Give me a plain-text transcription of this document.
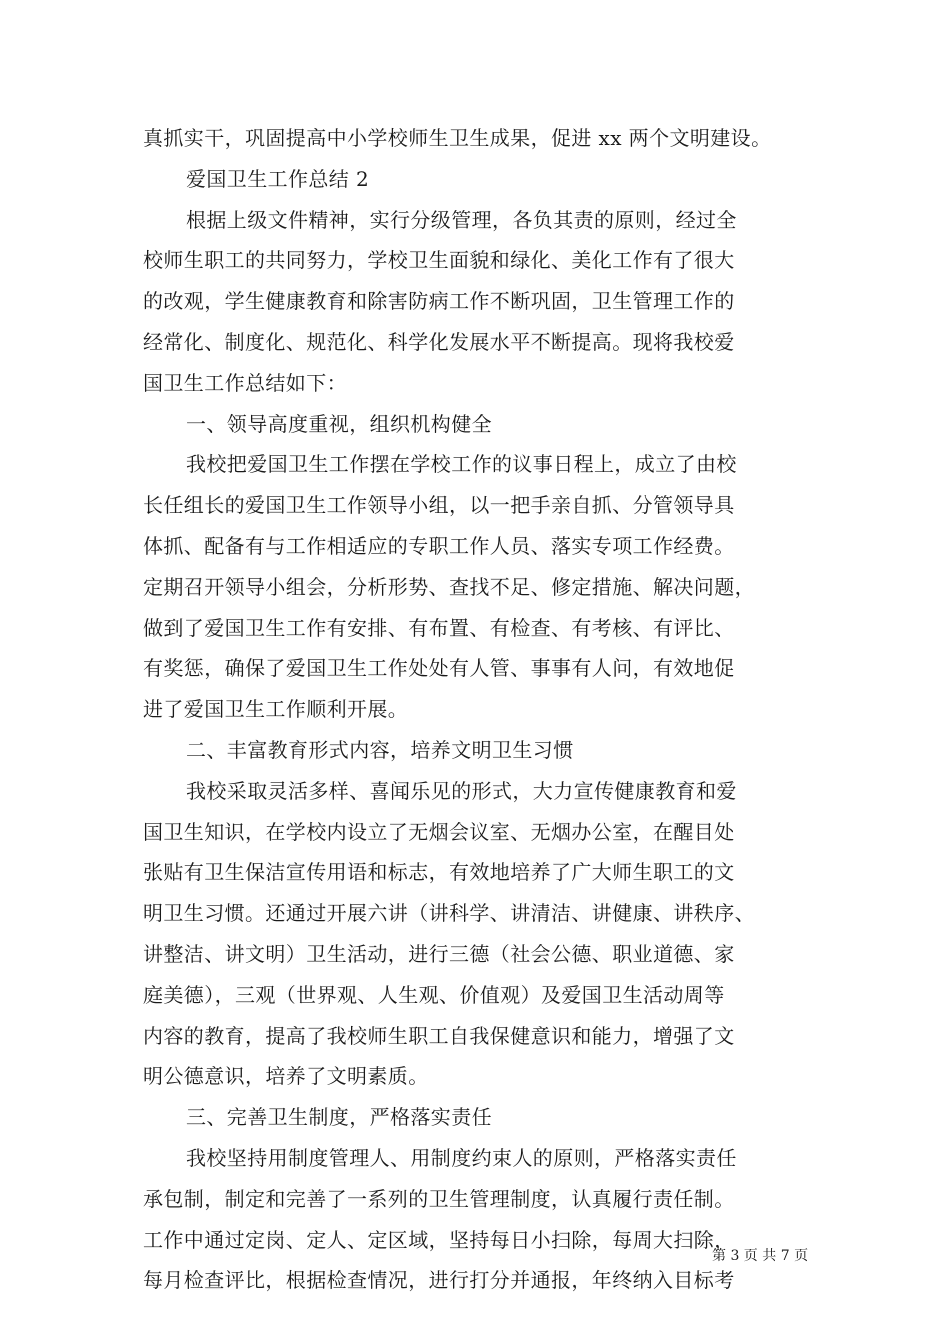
真抓实干，巩固提高中小学校师生卫生成果，促进 xx 两个文明建设。
爱国卫生工作总结 2
根据上级文件精神，实行分级管理，各负其责的原则，经过全
校师生职工的共同努力，学校卫生面貌和绿化、美化工作有了很大
的改观，学生健康教育和除害防病工作不断巩固，卫生管理工作的
经常化、制度化、规范化、科学化发展水平不断提高。现将我校爱
国卫生工作总结如下：
一、领导高度重视，组织机构健全
我校把爱国卫生工作摆在学校工作的议事日程上，成立了由校
长任组长的爱国卫生工作领导小组，以一把手亲自抓、分管领导具
体抓、配备有与工作相适应的专职工作人员、落实专项工作经费。
定期召开领导小组会，分析形势、查找不足、修定措施、解决问题，
做到了爱国卫生工作有安排、有布置、有检查、有考核、有评比、
有奖惩，确保了爱国卫生工作处处有人管、事事有人问，有效地促
进了爱国卫生工作顺利开展。
二、丰富教育形式内容，培养文明卫生习惯
我校采取灵活多样、喜闻乐见的形式，大力宣传健康教育和爱
国卫生知识，在学校内设立了无烟会议室、无烟办公室，在醒目处
张贴有卫生保洁宣传用语和标志，有效地培养了广大师生职工的文
明卫生习惯。还通过开展六讲（讲科学、讲清洁、讲健康、讲秩序、
讲整洁、讲文明）卫生活动，进行三德（社会公德、职业道德、家
庭美德），三观（世界观、人生观、价值观）及爱国卫生活动周等
内容的教育，提高了我校师生职工自我保健意识和能力，增强了文
明公德意识，培养了文明素质。
三、完善卫生制度，严格落实责任
我校坚持用制度管理人、用制度约束人的原则，严格落实责任
承包制，制定和完善了一系列的卫生管理制度，认真履行责任制。
工作中通过定岗、定人、定区域，坚持每日小扫除，每周大扫除，
每月检查评比，根据检查情况，进行打分并通报，年终纳入目标考
第 3 页 共 7 页
